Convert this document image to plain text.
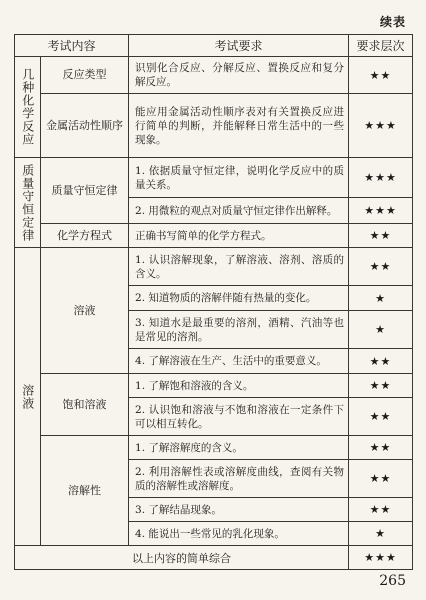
续表
考试内容		考试要求	要求层次

几种化学反应	反应类型	识别化合反应、分解反应、置换反应和复分解反应。	★★
	金属活动性顺序	能应用金属活动性顺序表对有关置换反应进行简单的判断，并能解释日常生活中的一些现象。	★★★

质量守恒定律	质量守恒定律	1. 依据质量守恒定律，说明化学反应中的质量关系。	★★★
		2. 用微粒的观点对质量守恒定律作出解释。	★★★
	化学方程式	正确书写简单的化学方程式。	★★

溶液	溶液	1. 认识溶解现象，了解溶液、溶剂、溶质的含义。	★★
		2. 知道物质的溶解伴随有热量的变化。	★
		3. 知道水是最重要的溶剂，酒精、汽油等也是常见的溶剂。	★
		4. 了解溶液在生产、生活中的重要意义。	★★
	饱和溶液	1. 了解饱和溶液的含义。	★★
		2. 认识饱和溶液与不饱和溶液在一定条件下可以相互转化。	★★
	溶解性	1. 了解溶解度的含义。	★★
		2. 利用溶解性表或溶解度曲线，查阅有关物质的溶解性或溶解度。	★★
		3. 了解结晶现象。	★★
		4. 能说出一些常见的乳化现象。	★
以上内容的简单综合			★★★
265
